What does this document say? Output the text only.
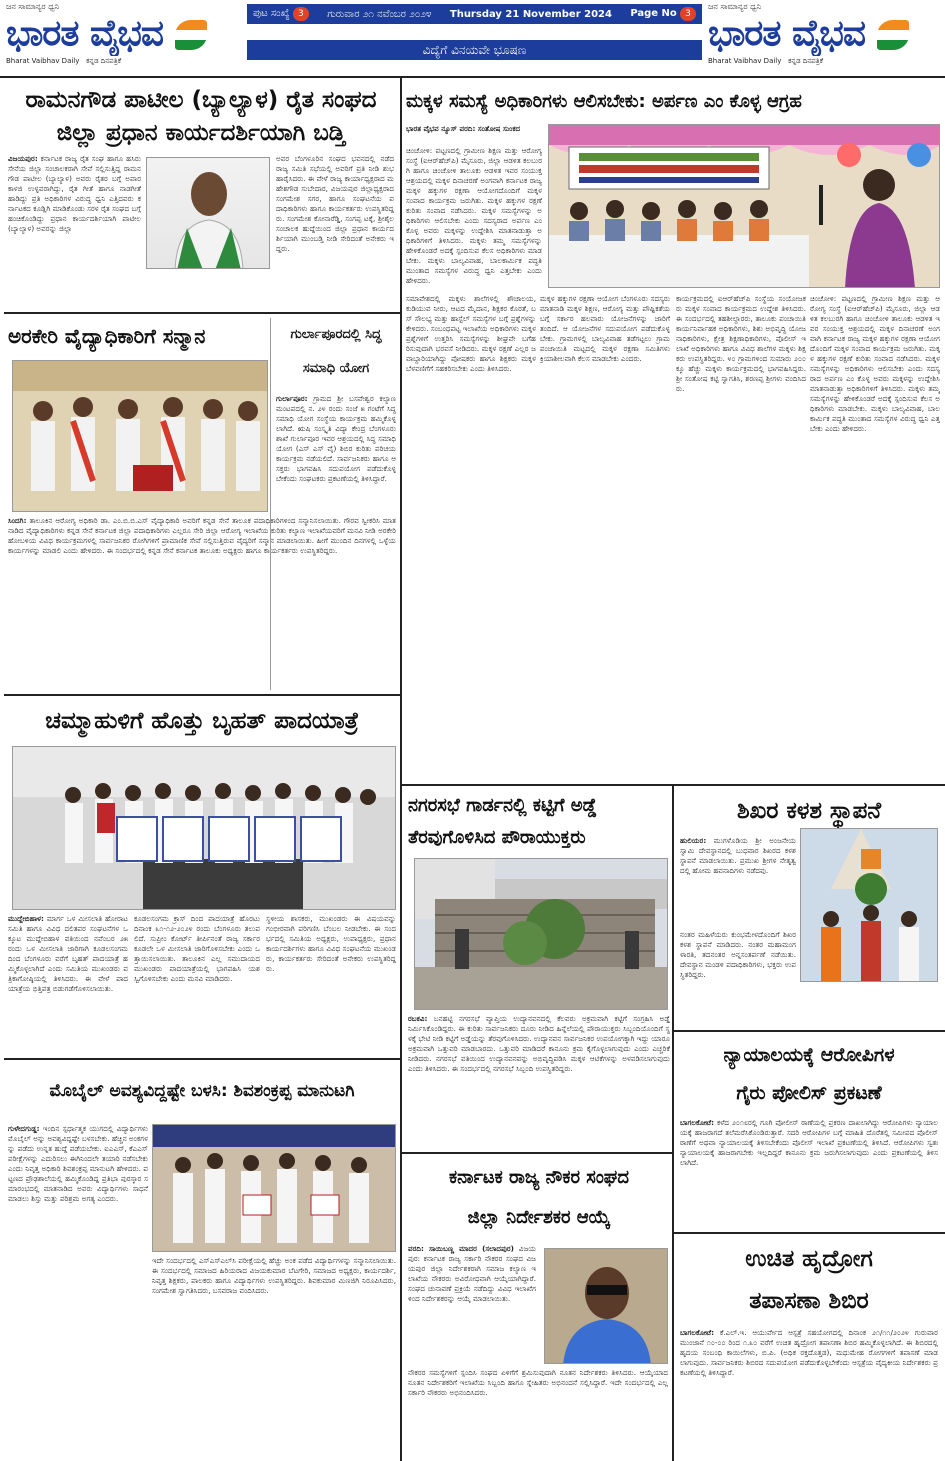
ಜನ ಸಾಮಾನ್ಯರ ಧ್ವನಿ
ಭಾರತ ವೈಭವ
Bharat Vaibhav Daily ಕನ್ನಡ ದಿನಪತ್ರಿಕೆ
ಪುಟ ಸಂಖ್ಯೆ 3	ಗುರುವಾರ ೨೧ ನವೆಂಬರ ೨೦೨೪ Thursday 21 November 2024 Page No 3
ವಿದ್ಯೆಗೆ ವಿನಯವೇ ಭೂಷಣ
ಜನ ಸಾಮಾನ್ಯರ ಧ್ವನಿ
ಭಾರತ ವೈಭವ
Bharat Vaibhav Daily ಕನ್ನಡ ದಿನಪತ್ರಿಕೆ
ರಾಮನಗೌಡ ಪಾಟೀಲ (ಬ್ಯಾಲ್ಯಾಳ) ರೈತ ಸಂಘದ
ಜಿಲ್ಲಾ ಪ್ರಧಾನ ಕಾರ್ಯದರ್ಶಿಯಾಗಿ ಬಡ್ತಿ
ವಿಜಯಪುರ: ಕರ್ನಾಟಕ ರಾಜ್ಯ ರೈತ ಸಂಘ ಹಾಗೂ ಹಸಿರು ಸೇನೆಯ ಜಿಲ್ಲಾ ಸಂಚಾಲಕರಾಗಿ ಸೇವೆ ಸಲ್ಲಿಸುತ್ತಿದ್ದ ರಾಮನಗೌಡ ಪಾಟೀಲ (ಬ್ಯಾಲ್ಯಾಳ) ಅವರು ರೈತರ ಬಗ್ಗೆ ಅಪಾರ ಕಾಳಜಿ ಉಳ್ಳವರಾಗಿದ್ದು, ರೈತ ಗೀತೆ ಹಾಗೂ ನಾಡಗೀತೆ ಹಾಡಿದ್ದು ಪ್ರತಿ ಅಧಿಕಾರಿಗಳ ವಿರುದ್ಧ ಧ್ವನಿ ಎತ್ತಿದವರು ಕರ್ನಾಟಕದ ಕೂಡ್ಲಿಗಿ ಮಾಡಿಕೊಂಡು ಸರಳ ರೈತ ಸಂಘದ ಬಗ್ಗೆ ಹಂಚಿಕೊಂಡಿದ್ದು ಪ್ರಧಾನ ಕಾರ್ಯದರ್ಶಿಯಾಗಿ ಪಾಟೀಲ (ಬ್ಯಾಲ್ಯಾಳ) ಅವರನ್ನು ಜಿಲ್ಲಾ
ಅವರ ಬೆಂಗಳೂರಿನ ಸಂಘದ ಭವನದಲ್ಲಿ ನಡೆದ ರಾಜ್ಯ ಸಮಿತಿ ಸಭೆಯಲ್ಲಿ ಅವರಿಗೆ ಪ್ರತಿ ನೀಡಿ ಶುಭ ಹಾರೈಸಿದರು. ಈ ವೇಳೆ ರಾಜ್ಯ ಕಾರ್ಯಾಧ್ಯಕ್ಷರಾದ ಮಹೇಶಗೌಡ ಸುಬೇದಾರ, ವಿಜಯಪುರ ಜಿಲ್ಲಾಧ್ಯಕ್ಷರಾದ ಸಂಗಮೇಶ ಸಗರ, ಹಾಗೂ ಸಂಘಟನೆಯ ಪದಾಧಿಕಾರಿಗಳು ಹಾಗೂ ಕಾರ್ಯಕರ್ತರು ಉಪಸ್ಥಿತರಿದ್ದರು. ಸಂಗಮೇಶ ಕೋನಾರೆಡ್ಡಿ, ಸಂಗಪ್ಪ ಟಕ್ಕೆ, ಶ್ರೀಶೈಲ ಸಂಚಾಲಕ ಹುದ್ದೆಯಿಂದ ಜಿಲ್ಲಾ ಪ್ರಧಾನ ಕಾರ್ಯದರ್ಶಿಯಾಗಿ ಮುಂಬಡ್ತಿ ನೀಡಿ ಸೇರಿದಂತೆ ಅನೇಕರು ಇದ್ದರು.
ಅರಕೇರಿ ವೈದ್ಯಾಧಿಕಾರಿಗೆ ಸನ್ಮಾನ
ಸಿಂದಗಿ: ತಾಲೂಕಿನ ಆರೋಗ್ಯ ಅಧಿಕಾರಿ ಡಾ. ಎಂ.ಬಿ.ಬಿ.ಎಸ್ ವೈದ್ಯಾಧಿಕಾರಿ ಅವರಿಗೆ ಕನ್ನಡ ಸೇನೆ ತಾಲೂಕ ಪದಾಧಿಕಾರಿಗಳಿಂದ ಸನ್ಮಾನಿಸಲಾಯಿತು. ಗೌರವ ಸ್ವೀಕರಿಸಿ ಮಾತನಾಡಿದ ವೈದ್ಯಾಧಿಕಾರಿಗಳು ಕನ್ನಡ ಸೇನೆ ಕರ್ನಾಟಕ ಜಿಲ್ಲಾ ಪದಾಧಿಕಾರಿಗಳು ಎಲ್ಲರೂ ಸೇರಿ ಜಿಲ್ಲಾ ಆರೋಗ್ಯ ಇಲಾಖೆಯ ಕುರಿತು ಕಲ್ಯಾಣ ಇಲಾಖೆಯವರಿಗೆ ಮನವಿ ನೀಡಿ ಅರಕೇರಿ ಹೋಬಳಿಯ ವಿವಿಧ ಕಾರ್ಯಕ್ರಮಗಳಲ್ಲಿ ಸಾರ್ವಜನಿಕರ ರೋಗಿಗಳಿಗೆ ಪ್ರಾಮಾಣಿಕ ಸೇವೆ ಸಲ್ಲಿಸುತ್ತಿರುವ ವೈದ್ಯರಿಗೆ ಸನ್ಮಾನ ಮಾಡಲಾಯಿತು. ಹೀಗೆ ಮುಂದಿನ ದಿನಗಳಲ್ಲಿ ಒಳ್ಳೆಯ ಕಾರ್ಯಗಳನ್ನು ಮಾಡಲಿ ಎಂದು ಹೇಳಿದರು. ಈ ಸಂದರ್ಭದಲ್ಲಿ ಕನ್ನಡ ಸೇನೆ ಕರ್ನಾಟಕ ತಾಲೂಕು ಅಧ್ಯಕ್ಷರು ಹಾಗೂ ಕಾರ್ಯಕರ್ತರು ಉಪಸ್ಥಿತರಿದ್ದರು.
ಗುರ್ಲಾಪೂರದಲ್ಲಿ ಸಿದ್ಧ
ಸಮಾಧಿ ಯೋಗ
ಗುರ್ಲಾಪೂರ: ಗ್ರಾಮದ ಶ್ರೀ ಬಸವೇಶ್ವರ ಕಲ್ಯಾಣ ಮಂಟಪದಲ್ಲಿ ನ. ೨೪ ರಂದು ಸಂಜೆ ೫ ಗಂಟೆಗೆ ಸಿದ್ಧ ಸಮಾಧಿ ಯೋಗ ಸಂಸ್ಥೆಯ ಕಾರ್ಯಕ್ರಮ ಹಮ್ಮಿಕೊಳ್ಳಲಾಗಿದೆ. ಋಷಿ ಸಂಸ್ಕೃತಿ ವಿದ್ಯಾ ಕೇಂದ್ರ ಬೆಂಗಳೂರು ಶಾಖೆ ಗುರ್ಲಾಪೂರ ಇವರ ಆಶ್ರಯದಲ್ಲಿ ಸಿದ್ಧ ಸಮಾಧಿ ಯೋಗ (ಎಸ್ ಎಸ್ ವೈ) ಶಿಬಿರ ಕುರಿತು ಪರಿಚಯ ಕಾರ್ಯಕ್ರಮ ನಡೆಯಲಿದೆ. ಸಾರ್ವಜನಿಕರು ಹಾಗೂ ಆಸಕ್ತರು ಭಾಗವಹಿಸಿ ಸದುಪಯೋಗ ಪಡೆದುಕೊಳ್ಳಬೇಕೆಂದು ಸಂಘಟಕರು ಪ್ರಕಟಣೆಯಲ್ಲಿ ತಿಳಿಸಿದ್ದಾರೆ.
ಚಮ್ಮಾಹುಳಿಗೆ ಹೊತ್ತು ಬೃಹತ್ ಪಾದಯಾತ್ರೆ
ಮುದ್ದೇಬಿಹಾಳ: ಮಾರ್ಗ ಒಳ ಮೀಸಲಾತಿ ಹೋರಾಟ ಸಮಿತಿ ಹಾಗೂ ವಿವಿಧ ದಲಿತಪರ ಸಂಘಟನೆಗಳ ಒಕ್ಕೂಟ ಮುದ್ದೇಬಿಹಾಳ ವತಿಯಿಂದ ನವೆಂಬರ ೨೫ ರಂದು ಒಳ ಮೀಸಲಾತಿ ಜಾರಿಗಾಗಿ ಕೂಡಲಸಂಗಮದಿಂದ ಬೆಂಗಳೂರು ವರೆಗೆ ಬೃಹತ್ ಪಾದಯಾತ್ರೆ ಹಮ್ಮಿಕೊಳ್ಳಲಾಗಿದೆ ಎಂದು ಸಮಿತಿಯ ಮುಖಂಡರು ಪತ್ರಿಕಾಗೋಷ್ಠಿಯಲ್ಲಿ ತಿಳಿಸಿದರು. ಈ ವೇಳೆ ಪಾದಯಾತ್ರೆಯ ಭಿತ್ತಿಪತ್ರ ಬಿಡುಗಡೆಗೊಳಿಸಲಾಯಿತು.
ಕೂಡಲಸಂಗಮ ಕ್ರಾಸ್ ದಿಂದ ಪಾದಯಾತ್ರೆ ಹೊರಟು ದಿನಾಂಕ ೩೧-೧೨-೨೦೨೪ ರಂದು ಬೆಂಗಳೂರು ತಲುಪಲಿದೆ. ಸುಪ್ರೀಂ ಕೋರ್ಟ್ ತೀರ್ಪಿನಂತೆ ರಾಜ್ಯ ಸರ್ಕಾರ ಕೂಡಲೇ ಒಳ ಮೀಸಲಾತಿ ಜಾರಿಗೊಳಿಸಬೇಕು ಎಂದು ಒತ್ತಾಯಿಸಲಾಯಿತು. ತಾಲೂಕಿನ ಎಲ್ಲ ಸಮುದಾಯದ ಮುಖಂಡರು ಪಾದಯಾತ್ರೆಯಲ್ಲಿ ಭಾಗವಹಿಸಿ ಯಶಸ್ವಿಗೊಳಿಸಬೇಕು ಎಂದು ಮನವಿ ಮಾಡಿದರು.
ಸ್ಥಳೀಯ ಶಾಸಕರು, ಮುಖಂಡರು ಈ ವಿಷಯವನ್ನು ಗಂಭೀರವಾಗಿ ಪರಿಗಣಿಸಿ ಬೆಂಬಲ ನೀಡಬೇಕು. ಈ ಸಂದರ್ಭದಲ್ಲಿ ಸಮಿತಿಯ ಅಧ್ಯಕ್ಷರು, ಉಪಾಧ್ಯಕ್ಷರು, ಪ್ರಧಾನ ಕಾರ್ಯದರ್ಶಿಗಳು ಹಾಗೂ ವಿವಿಧ ಸಂಘಟನೆಯ ಮುಖಂಡರು, ಕಾರ್ಯಕರ್ತರು ಸೇರಿದಂತೆ ಅನೇಕರು ಉಪಸ್ಥಿತರಿದ್ದರು.
ಮೊಬೈಲ್ ಅವಶ್ಯವಿದ್ದಷ್ಟೇ ಬಳಸಿ: ಶಿವಶಂಕ್ರಪ್ಪ ಮಾನುಟಗಿ
ಗುಳೇದಗುಡ್ಡ: ಇಂದಿನ ಸ್ಪರ್ಧಾತ್ಮಕ ಯುಗದಲ್ಲಿ ವಿದ್ಯಾರ್ಥಿಗಳು ಮೊಬೈಲ್ ಅನ್ನು ಅವಶ್ಯವಿದ್ದಷ್ಟೇ ಬಳಸಬೇಕು. ಹೆಚ್ಚಿನ ಅಂಕಗಳನ್ನು ಪಡೆದು ಉನ್ನತ ಹುದ್ದೆ ಪಡೆಯಬೇಕು. ಐಎಎಸ್, ಕೆಎಎಸ್ ಪರೀಕ್ಷೆಗಳನ್ನು ಎದುರಿಸಲು ಈಗಿನಿಂದಲೇ ತಯಾರಿ ನಡೆಸಬೇಕು ಎಂದು ನಿವೃತ್ತ ಅಧಿಕಾರಿ ಶಿವಶಂಕ್ರಪ್ಪ ಮಾನುಟಗಿ ಹೇಳಿದರು. ಪಟ್ಟಣದ ಪ್ರೌಢಶಾಲೆಯಲ್ಲಿ ಹಮ್ಮಿಕೊಂಡಿದ್ದ ಪ್ರತಿಭಾ ಪುರಸ್ಕಾರ ಸಮಾರಂಭದಲ್ಲಿ ಮಾತನಾಡಿದ ಅವರು ವಿದ್ಯಾರ್ಥಿಗಳು ಸಾಧನೆ ಮಾಡಲು ಶಿಸ್ತು ಮತ್ತು ಪರಿಶ್ರಮ ಅಗತ್ಯ ಎಂದರು.
ಇದೇ ಸಂದರ್ಭದಲ್ಲಿ ಎಸ್‌ಎಸ್‌ಎಲ್‌ಸಿ ಪರೀಕ್ಷೆಯಲ್ಲಿ ಹೆಚ್ಚು ಅಂಕ ಪಡೆದ ವಿದ್ಯಾರ್ಥಿಗಳನ್ನು ಸನ್ಮಾನಿಸಲಾಯಿತು. ಈ ಸಂದರ್ಭದಲ್ಲಿ ಸಮಾಜದ ಹಿರಿಯರಾದ ವಿಜಯಕುಮಾರ ಬೆಟಗೇರಿ, ಸಮಾಜದ ಅಧ್ಯಕ್ಷರು, ಕಾರ್ಯದರ್ಶಿ, ನಿವೃತ್ತ ಶಿಕ್ಷಕರು, ಪಾಲಕರು ಹಾಗೂ ವಿದ್ಯಾರ್ಥಿಗಳು ಉಪಸ್ಥಿತರಿದ್ದರು. ಶಿವಕುಮಾರ ಮಿಣಜಿಗಿ ನಿರೂಪಿಸಿದರು, ಸಂಗಮೇಶ ಸ್ವಾಗತಿಸಿದರು, ಬಸವರಾಜ ವಂದಿಸಿದರು.
ಮಕ್ಕಳ ಸಮಸ್ಯೆ ಅಧಿಕಾರಿಗಳು ಆಲಿಸಬೇಕು: ಅರ್ಪಣ ಎಂ ಕೊಳ್ಳ ಆಗ್ರಹ
ಭಾರತ ವೈಭವ ನ್ಯೂಸ್ ವರದಿ: ಸಂತೋಷ ಸುಂಕದ
ಚಿಂಚೋಳಿ: ಪಟ್ಟಣದಲ್ಲಿ ಗ್ರಾಮೀಣ ಶಿಕ್ಷಣ ಮತ್ತು ಆರೋಗ್ಯ ಸಂಸ್ಥೆ (ಐಆರ್‌ಹೆಚ್‌ಪಿ) ಮೈಸೂರು, ಜಿಲ್ಲಾ ಆಡಳಿತ ಕಲಬುರಗಿ ಹಾಗೂ ಚಿಂಚೋಳಿ ತಾಲೂಕು ಆಡಳಿತ ಇವರ ಸಂಯುಕ್ತ ಆಶ್ರಯದಲ್ಲಿ ಮಕ್ಕಳ ದಿನಾಚರಣೆ ಅಂಗವಾಗಿ ಕರ್ನಾಟಕ ರಾಜ್ಯ ಮಕ್ಕಳ ಹಕ್ಕುಗಳ ರಕ್ಷಣಾ ಆಯೋಗದೊಂದಿಗೆ ಮಕ್ಕಳ ಸಂವಾದ ಕಾರ್ಯಕ್ರಮ ಜರುಗಿತು. ಮಕ್ಕಳ ಹಕ್ಕುಗಳ ರಕ್ಷಣೆ ಕುರಿತು ಸಂವಾದ ನಡೆಸಿದರು. ಮಕ್ಕಳ ಸಮಸ್ಯೆಗಳನ್ನು ಅಧಿಕಾರಿಗಳು ಆಲಿಸಬೇಕು ಎಂದು ಸದಸ್ಯರಾದ ಅರ್ಪಣ ಎಂ ಕೊಳ್ಳ ಅವರು ಮಕ್ಕಳನ್ನು ಉದ್ದೇಶಿಸಿ ಮಾತನಾಡುತ್ತಾ ಅಧಿಕಾರಿಗಳಿಗೆ ತಿಳಿಸಿದರು. ಮಕ್ಕಳು ತಮ್ಮ ಸಮಸ್ಯೆಗಳನ್ನು ಹೇಳಿಕೊಂಡರೆ ಅದಕ್ಕೆ ಸ್ಪಂದಿಸುವ ಕೆಲಸ ಅಧಿಕಾರಿಗಳು ಮಾಡಬೇಕು. ಮಕ್ಕಳು ಬಾಲ್ಯವಿವಾಹ, ಬಾಲಕಾರ್ಮಿಕ ಪದ್ಧತಿ ಮುಂತಾದ ಸಮಸ್ಯೆಗಳ ವಿರುದ್ಧ ಧ್ವನಿ ಎತ್ತಬೇಕು ಎಂದು ಹೇಳಿದರು.
ಸಮಾವೇಶದಲ್ಲಿ ಮಕ್ಕಳು ಶಾಲೆಗಳಲ್ಲಿ ಶೌಚಾಲಯ, ಕುಡಿಯುವ ನೀರು, ಆಟದ ಮೈದಾನ, ಶಿಕ್ಷಕರ ಕೊರತೆ, ಬಸ್ ಸೌಲಭ್ಯ ಮತ್ತು ಹಾಸ್ಟೆಲ್ ಸಮಸ್ಯೆಗಳ ಬಗ್ಗೆ ಪ್ರಶ್ನೆಗಳನ್ನು ಕೇಳಿದರು. ಸಂಬಂಧಪಟ್ಟ ಇಲಾಖೆಯ ಅಧಿಕಾರಿಗಳು ಮಕ್ಕಳ ಪ್ರಶ್ನೆಗಳಿಗೆ ಉತ್ತರಿಸಿ ಸಮಸ್ಯೆಗಳನ್ನು ಶೀಘ್ರವೇ ಬಗೆಹರಿಸುವುದಾಗಿ ಭರವಸೆ ನೀಡಿದರು. ಮಕ್ಕಳ ರಕ್ಷಣೆ ಎಲ್ಲರ ಜವಾಬ್ದಾರಿಯಾಗಿದ್ದು ಪೋಷಕರು ಹಾಗೂ ಶಿಕ್ಷಕರು ಮಕ್ಕಳ ಬೆಳವಣಿಗೆಗೆ ಸಹಕರಿಸಬೇಕು ಎಂದು ತಿಳಿಸಿದರು.
ಮಕ್ಕಳ ಹಕ್ಕುಗಳ ರಕ್ಷಣಾ ಆಯೋಗ ಬೆಂಗಳೂರು ಸದಸ್ಯರು ಮಾತನಾಡಿ ಮಕ್ಕಳ ಶಿಕ್ಷಣ, ಆರೋಗ್ಯ ಮತ್ತು ಪೌಷ್ಟಿಕತೆಯ ಬಗ್ಗೆ ಸರ್ಕಾರ ಹಲವಾರು ಯೋಜನೆಗಳನ್ನು ಜಾರಿಗೆ ತಂದಿದೆ. ಆ ಯೋಜನೆಗಳ ಸದುಪಯೋಗ ಪಡೆದುಕೊಳ್ಳಬೇಕು. ಗ್ರಾಮಗಳಲ್ಲಿ ಬಾಲ್ಯವಿವಾಹ ತಡೆಗಟ್ಟಲು ಗ್ರಾಮ ಪಂಚಾಯಿತಿ ಮಟ್ಟದಲ್ಲಿ ಮಕ್ಕಳ ರಕ್ಷಣಾ ಸಮಿತಿಗಳು ಕ್ರಿಯಾಶೀಲವಾಗಿ ಕೆಲಸ ಮಾಡಬೇಕು ಎಂದರು.
ಕಾರ್ಯಕ್ರಮದಲ್ಲಿ ಐಆರ್‌ಹೆಚ್‌ಪಿ ಸಂಸ್ಥೆಯ ಸಂಯೋಜಕರು ಮಕ್ಕಳ ಸಂವಾದ ಕಾರ್ಯಕ್ರಮದ ಉದ್ದೇಶ ತಿಳಿಸಿದರು. ಈ ಸಂದರ್ಭದಲ್ಲಿ ತಹಶೀಲ್ದಾರರು, ತಾಲೂಕು ಪಂಚಾಯಿತಿ ಕಾರ್ಯನಿರ್ವಾಹಕ ಅಧಿಕಾರಿಗಳು, ಶಿಶು ಅಭಿವೃದ್ಧಿ ಯೋಜನಾಧಿಕಾರಿಗಳು, ಕ್ಷೇತ್ರ ಶಿಕ್ಷಣಾಧಿಕಾರಿಗಳು, ಪೊಲೀಸ್ ಇಲಾಖೆ ಅಧಿಕಾರಿಗಳು ಹಾಗೂ ವಿವಿಧ ಶಾಲೆಗಳ ಮಕ್ಕಳು ಶಿಕ್ಷಕರು ಉಪಸ್ಥಿತರಿದ್ದರು. ೪೦ ಗ್ರಾಮಗಳಿಂದ ಸುಮಾರು ೨೦೦ಕ್ಕೂ ಹೆಚ್ಚು ಮಕ್ಕಳು ಕಾರ್ಯಕ್ರಮದಲ್ಲಿ ಭಾಗವಹಿಸಿದ್ದರು. ಶ್ರೀ ಸಂತೋಷ ಕಟ್ಟಿ ಸ್ವಾಗತಿಸಿ, ಶರಣಪ್ಪ ಶ್ರೀಗಳು ವಂದಿಸಿದರು.
ಚಿಂಚೋಳಿ: ಪಟ್ಟಣದಲ್ಲಿ ಗ್ರಾಮೀಣ ಶಿಕ್ಷಣ ಮತ್ತು ಆರೋಗ್ಯ ಸಂಸ್ಥೆ (ಐಆರ್‌ಹೆಚ್‌ಪಿ) ಮೈಸೂರು, ಜಿಲ್ಲಾ ಆಡಳಿತ ಕಲಬುರಗಿ ಹಾಗೂ ಚಿಂಚೋಳಿ ತಾಲೂಕು ಆಡಳಿತ ಇವರ ಸಂಯುಕ್ತ ಆಶ್ರಯದಲ್ಲಿ ಮಕ್ಕಳ ದಿನಾಚರಣೆ ಅಂಗವಾಗಿ ಕರ್ನಾಟಕ ರಾಜ್ಯ ಮಕ್ಕಳ ಹಕ್ಕುಗಳ ರಕ್ಷಣಾ ಆಯೋಗದೊಂದಿಗೆ ಮಕ್ಕಳ ಸಂವಾದ ಕಾರ್ಯಕ್ರಮ ಜರುಗಿತು. ಮಕ್ಕಳ ಹಕ್ಕುಗಳ ರಕ್ಷಣೆ ಕುರಿತು ಸಂವಾದ ನಡೆಸಿದರು. ಮಕ್ಕಳ ಸಮಸ್ಯೆಗಳನ್ನು ಅಧಿಕಾರಿಗಳು ಆಲಿಸಬೇಕು ಎಂದು ಸದಸ್ಯರಾದ ಅರ್ಪಣ ಎಂ ಕೊಳ್ಳ ಅವರು ಮಕ್ಕಳನ್ನು ಉದ್ದೇಶಿಸಿ ಮಾತನಾಡುತ್ತಾ ಅಧಿಕಾರಿಗಳಿಗೆ ತಿಳಿಸಿದರು. ಮಕ್ಕಳು ತಮ್ಮ ಸಮಸ್ಯೆಗಳನ್ನು ಹೇಳಿಕೊಂಡರೆ ಅದಕ್ಕೆ ಸ್ಪಂದಿಸುವ ಕೆಲಸ ಅಧಿಕಾರಿಗಳು ಮಾಡಬೇಕು. ಮಕ್ಕಳು ಬಾಲ್ಯವಿವಾಹ, ಬಾಲಕಾರ್ಮಿಕ ಪದ್ಧತಿ ಮುಂತಾದ ಸಮಸ್ಯೆಗಳ ವಿರುದ್ಧ ಧ್ವನಿ ಎತ್ತಬೇಕು ಎಂದು ಹೇಳಿದರು.
ನಗರಸಭೆ ಗಾರ್ಡನಲ್ಲಿ ಕಟ್ಟಿಗೆ ಅಡ್ಡೆ
ತೆರವುಗೊಳಿಸಿದ ಪೌರಾಯುಕ್ತರು
ರಬಕವಿ: ಬನಹಟ್ಟಿ ನಗರಸಭೆ ವ್ಯಾಪ್ತಿಯ ಉದ್ಯಾನವನದಲ್ಲಿ ಕೆಲವರು ಅಕ್ರಮವಾಗಿ ಕಟ್ಟಿಗೆ ಸಂಗ್ರಹಿಸಿ ಅಡ್ಡೆ ನಿರ್ಮಿಸಿಕೊಂಡಿದ್ದರು. ಈ ಕುರಿತು ಸಾರ್ವಜನಿಕರು ದೂರು ನೀಡಿದ ಹಿನ್ನೆಲೆಯಲ್ಲಿ ಪೌರಾಯುಕ್ತರು ಸಿಬ್ಬಂದಿಯೊಂದಿಗೆ ಸ್ಥಳಕ್ಕೆ ಭೇಟಿ ನೀಡಿ ಕಟ್ಟಿಗೆ ಅಡ್ಡೆಯನ್ನು ತೆರವುಗೊಳಿಸಿದರು. ಉದ್ಯಾನವನ ಸಾರ್ವಜನಿಕರ ಉಪಯೋಗಕ್ಕಾಗಿ ಇದ್ದು ಯಾರೂ ಅಕ್ರಮವಾಗಿ ಒತ್ತುವರಿ ಮಾಡಬಾರದು. ಒತ್ತುವರಿ ಮಾಡಿದರೆ ಕಾನೂನು ಕ್ರಮ ಕೈಗೊಳ್ಳಲಾಗುವುದು ಎಂದು ಎಚ್ಚರಿಕೆ ನೀಡಿದರು. ನಗರಸಭೆ ವತಿಯಿಂದ ಉದ್ಯಾನವನವನ್ನು ಅಭಿವೃದ್ಧಿಪಡಿಸಿ ಮಕ್ಕಳ ಆಟಿಕೆಗಳನ್ನು ಅಳವಡಿಸಲಾಗುವುದು ಎಂದು ತಿಳಿಸಿದರು. ಈ ಸಂದರ್ಭದಲ್ಲಿ ನಗರಸಭೆ ಸಿಬ್ಬಂದಿ ಉಪಸ್ಥಿತರಿದ್ದರು.
ಕರ್ನಾಟಕ ರಾಜ್ಯ ನೌಕರ ಸಂಘದ
ಜಿಲ್ಲಾ ನಿರ್ದೇಶಕರ ಆಯ್ಕೆ
ವರದಿ: ಸಾಯಿಬಣ್ಣ ಮಾದರ (ಸಲಾದಪುರ) ವಿಜಯಪುರ: ಕರ್ನಾಟಕ ರಾಜ್ಯ ಸರ್ಕಾರಿ ನೌಕರರ ಸಂಘದ ವಿಜಯಪುರ ಜಿಲ್ಲಾ ನಿರ್ದೇಶಕರಾಗಿ ಸಮಾಜ ಕಲ್ಯಾಣ ಇಲಾಖೆಯ ನೌಕರರು ಅವಿರೋಧವಾಗಿ ಆಯ್ಕೆಯಾಗಿದ್ದಾರೆ. ಸಂಘದ ಚುನಾವಣೆ ಪ್ರಕ್ರಿಯೆ ನಡೆದಿದ್ದು ವಿವಿಧ ಇಲಾಖೆಗಳಿಂದ ನಿರ್ದೇಶಕರನ್ನು ಆಯ್ಕೆ ಮಾಡಲಾಯಿತು.
ನೌಕರರ ಸಮಸ್ಯೆಗಳಿಗೆ ಸ್ಪಂದಿಸಿ ಸಂಘದ ಏಳಿಗೆಗೆ ಶ್ರಮಿಸುವುದಾಗಿ ನೂತನ ನಿರ್ದೇಶಕರು ತಿಳಿಸಿದರು. ಆಯ್ಕೆಯಾದ ನೂತನ ನಿರ್ದೇಶಕರಿಗೆ ಇಲಾಖೆಯ ಸಿಬ್ಬಂದಿ ಹಾಗೂ ಸ್ನೇಹಿತರು ಅಭಿನಂದನೆ ಸಲ್ಲಿಸಿದ್ದಾರೆ. ಇದೇ ಸಂದರ್ಭದಲ್ಲಿ ಎಲ್ಲ ಸರ್ಕಾರಿ ನೌಕರರು ಅಭಿನಂದಿಸಿದರು.
ಶಿಖರ ಕಳಶ ಸ್ಥಾಪನೆ
ಹುಲಿಯರ: ಮುಗಳೊಡಿಯ ಶ್ರೀ ಅಂಜನೇಯ ಸ್ವಾಮಿ ದೇವಸ್ಥಾನದಲ್ಲಿ ಬುಧವಾರ ಶಿಖರದ ಕಳಶ ಸ್ಥಾಪನೆ ಮಾಡಲಾಯಿತು. ಪ್ರಮುಖ ಶ್ರೀಗಳ ನೇತೃತ್ವದಲ್ಲಿ ಹೋಮ ಹವನಾದಿಗಳು ನಡೆದವು.
ನಂತರ ಮಹಿಳೆಯರು ಕುಂಭಮೇಳದೊಂದಿಗೆ ಶಿಖರ ಕಳಶ ಸ್ಥಾಪನೆ ಮಾಡಿದರು. ನಂತರ ಮಹಾಮಂಗಳಾರತಿ, ತದನಂತರ ಅನ್ನಸಂತರ್ಪಣೆ ನಡೆಯಿತು. ದೇವಸ್ಥಾನ ಮಂಡಳಿ ಪದಾಧಿಕಾರಿಗಳು, ಭಕ್ತರು ಉಪಸ್ಥಿತರಿದ್ದರು.
ನ್ಯಾಯಾಲಯಕ್ಕೆ ಆರೋಪಿಗಳ
ಗೈರು ಪೋಲಿಸ್ ಪ್ರಕಟಣೆ
ಬಾಗಲಕೋಟೆ: ಕಳೆದ ೨೦೧೮ರಲ್ಲಿ ಗೂಗಿ ಪೋಲೀಸ್ ಠಾಣೆಯಲ್ಲಿ ಪ್ರಕರಣ ದಾಖಲಾಗಿದ್ದು ಆರೋಪಿಗಳು ನ್ಯಾಯಾಲಯಕ್ಕೆ ಹಾಜರಾಗದೆ ತಲೆಮರೆಸಿಕೊಂಡಿರುತ್ತಾರೆ. ಸದರಿ ಆರೋಪಿಗಳ ಬಗ್ಗೆ ಮಾಹಿತಿ ದೊರೆತಲ್ಲಿ ಸಮೀಪದ ಪೊಲೀಸ್ ಠಾಣೆಗೆ ಅಥವಾ ನ್ಯಾಯಾಲಯಕ್ಕೆ ತಿಳಿಸಬೇಕೆಂದು ಪೊಲೀಸ್ ಇಲಾಖೆ ಪ್ರಕಟಣೆಯಲ್ಲಿ ತಿಳಿಸಿದೆ. ಆರೋಪಿಗಳು ಸ್ವತಃ ನ್ಯಾಯಾಲಯಕ್ಕೆ ಹಾಜರಾಗಬೇಕು ಇಲ್ಲದಿದ್ದರೆ ಕಾನೂನು ಕ್ರಮ ಜರುಗಿಸಲಾಗುವುದು ಎಂದು ಪ್ರಕಟಣೆಯಲ್ಲಿ ತಿಳಿಸಲಾಗಿದೆ.
ಉಚಿತ ಹೃದ್ರೋಗ
ತಪಾಸಣಾ ಶಿಬಿರ
ಬಾಗಲಕೋಟೆ: ಕೆ.ಎಲ್.ಇ. ಆಯುರ್ವೇದ ಆಸ್ಪತ್ರೆ ಸಹಯೋಗದಲ್ಲಿ ದಿನಾಂಕ ೨೧/೧೧/೨೦೨೪ ಗುರುವಾರ ಮುಂಜಾನೆ ೧೦-೦೦ ರಿಂದ ೧.೩೦ ವರೆಗೆ ಉಚಿತ ಹೃದ್ರೋಗ ತಪಾಸಣಾ ಶಿಬಿರ ಹಮ್ಮಿಕೊಳ್ಳಲಾಗಿದೆ. ಈ ಶಿಬಿರದಲ್ಲಿ ಹೃದಯ ಸಂಬಂಧಿ ಕಾಯಿಲೆಗಳು, ಬಿ.ಪಿ. (ಅಧಿಕ ರಕ್ತದೊತ್ತಡ), ಮಧುಮೇಹ ರೋಗಗಳಿಗೆ ತಪಾಸಣೆ ಮಾಡಲಾಗುವುದು. ಸಾರ್ವಜನಿಕರು ಶಿಬಿರದ ಸದುಪಯೋಗ ಪಡೆದುಕೊಳ್ಳಬೇಕೆಂದು ಆಸ್ಪತ್ರೆಯ ವೈದ್ಯಕೀಯ ನಿರ್ದೇಶಕರು ಪ್ರಕಟಣೆಯಲ್ಲಿ ತಿಳಿಸಿದ್ದಾರೆ.
